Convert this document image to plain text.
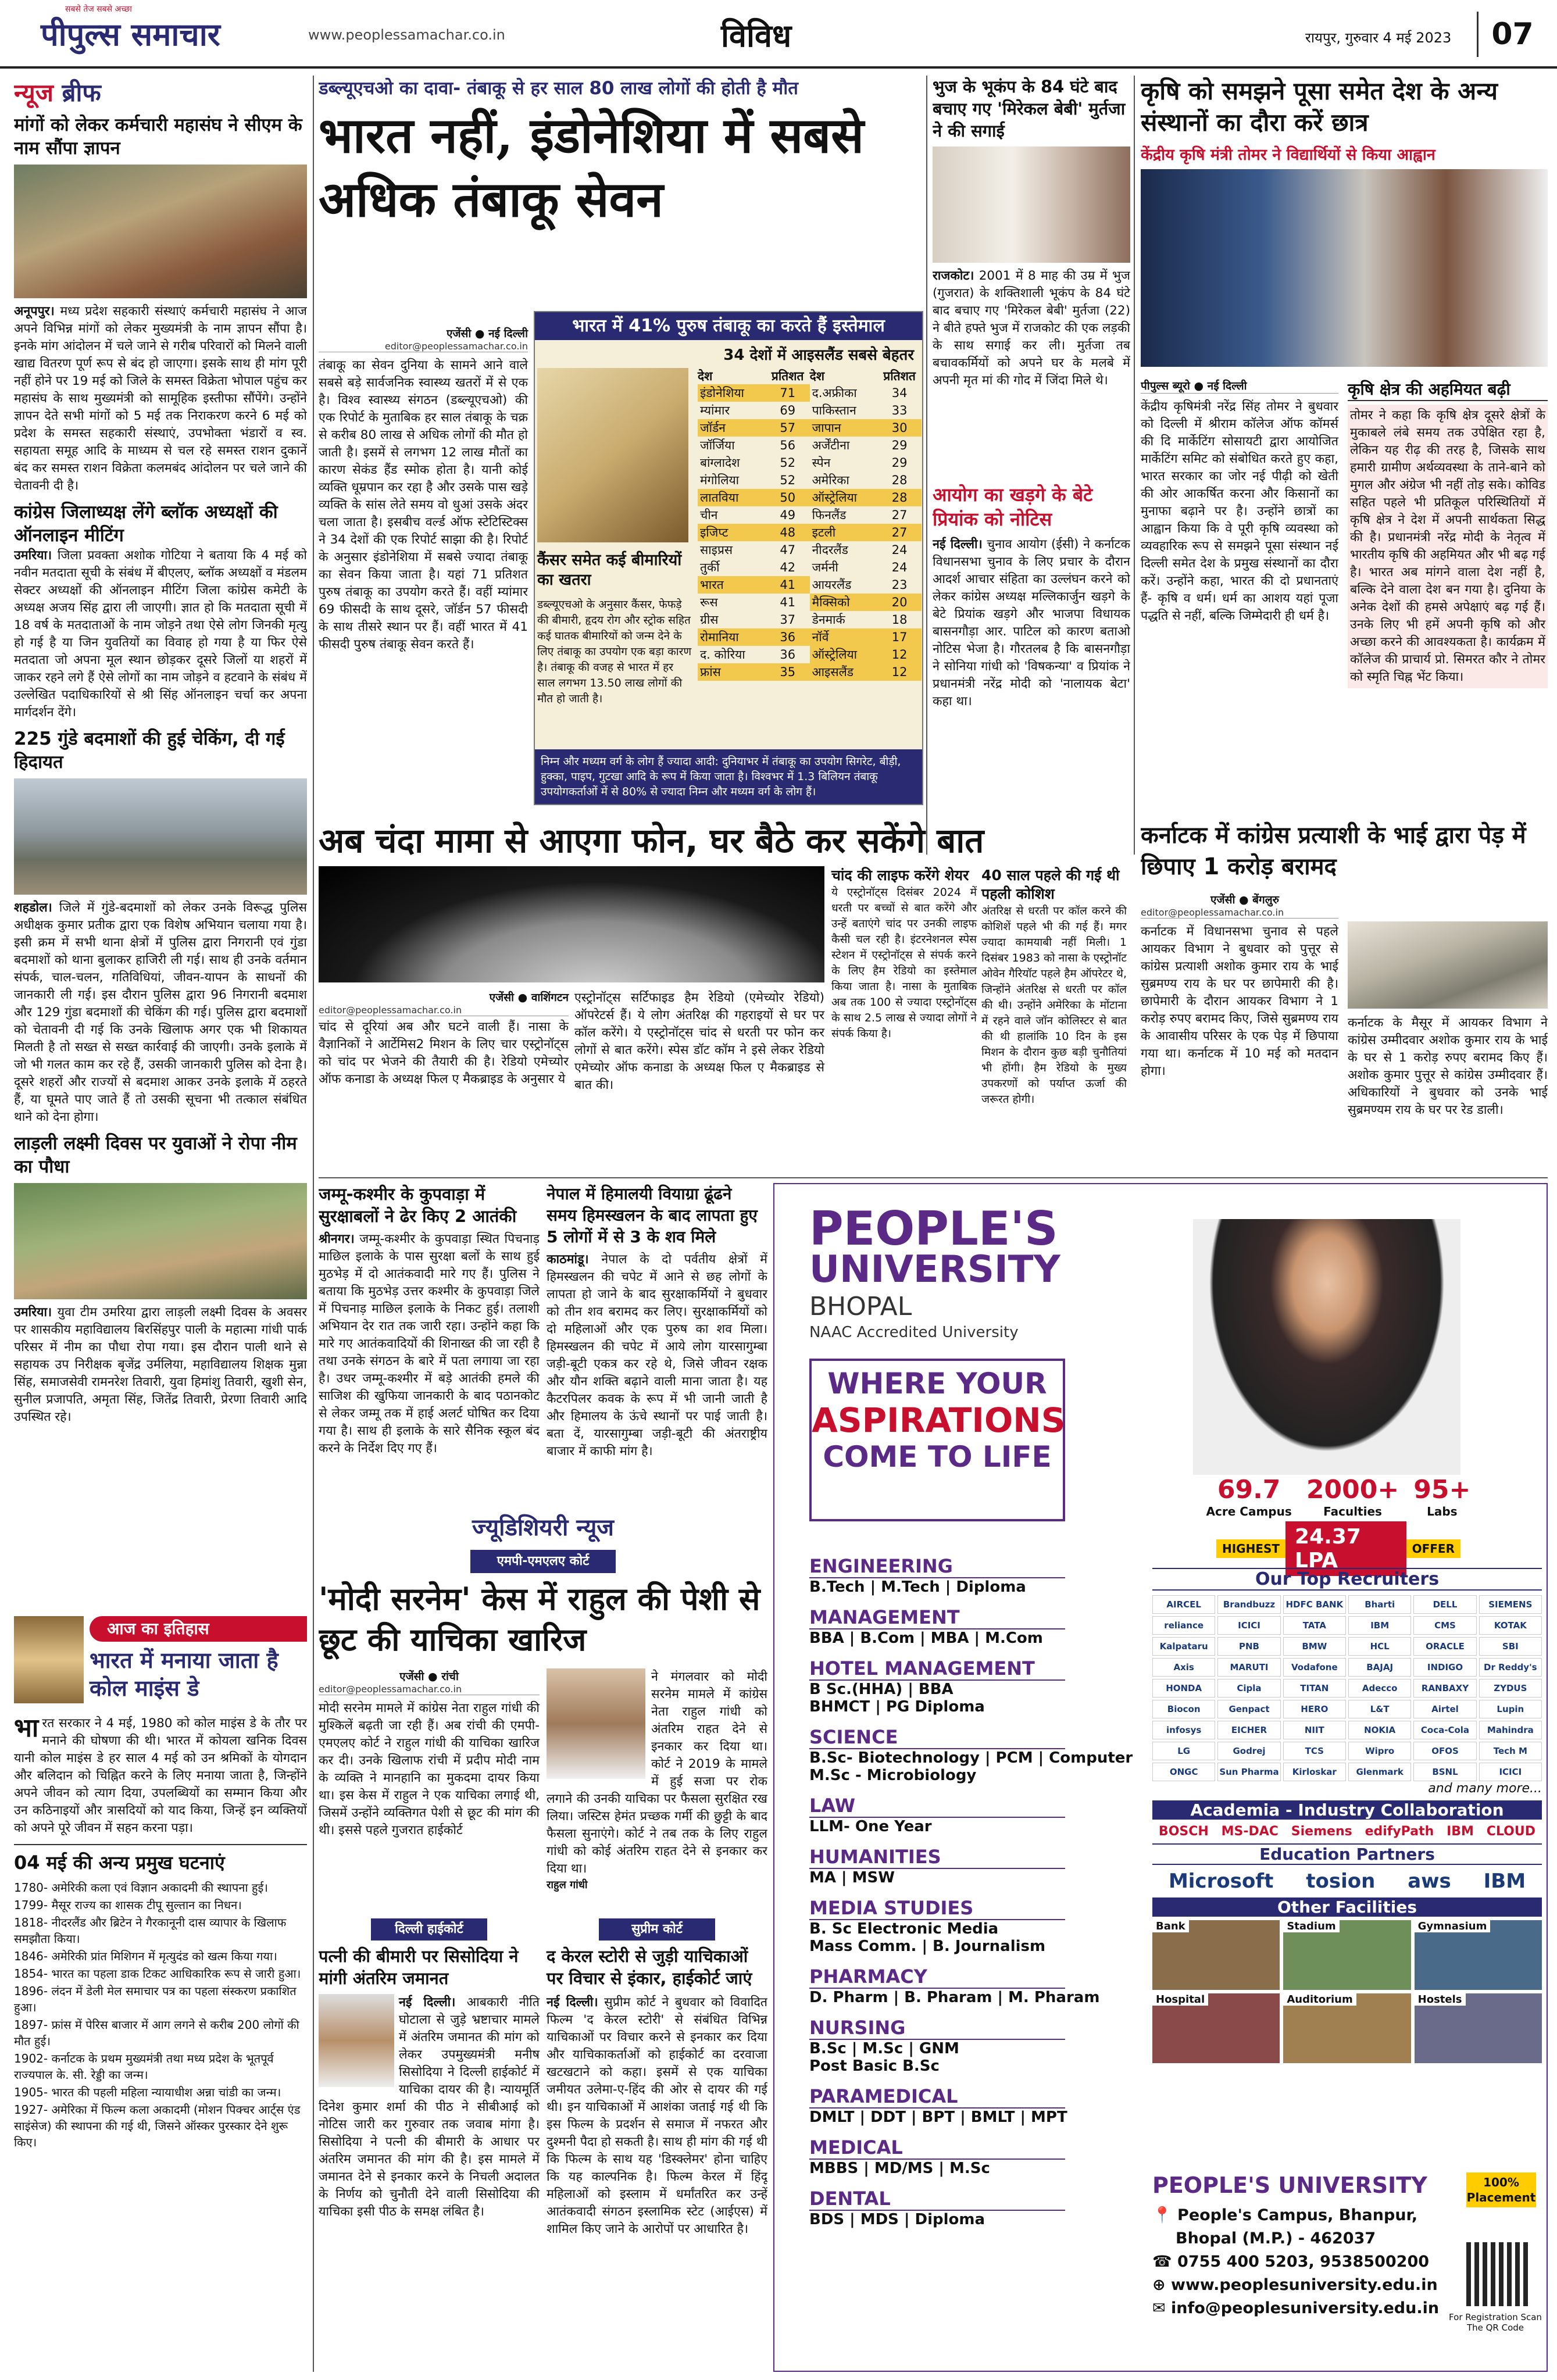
सबसे तेज सबसे अच्छा
पीपुल्स समाचार	www.peoplessamachar.co.in	विविध	रायपुर, गुरुवार 4 मई 2023	07
न्यूज ब्रीफ
मांगों को लेकर कर्मचारी महासंघ ने सीएम के नाम सौंपा ज्ञापन
अनूपपुर। मध्य प्रदेश सहकारी संस्थाएं कर्मचारी महासंघ ने आज अपने विभिन्न मांगों को लेकर मुख्यमंत्री के नाम ज्ञापन सौंपा है। इनके मांग आंदोलन में चले जाने से गरीब परिवारों को मिलने वाली खाद्य वितरण पूर्ण रूप से बंद हो जाएगा। इसके साथ ही मांग पूरी नहीं होने पर 19 मई को जिले के समस्त विक्रेता भोपाल पहुंच कर महासंघ के साथ मुख्यमंत्री को सामूहिक इस्तीफा सौंपेंगे। उन्होंने ज्ञापन देते सभी मांगों को 5 मई तक निराकरण करने 6 मई को प्रदेश के समस्त सहकारी संस्थाएं, उपभोक्ता भंडारों व स्व. सहायता समूह आदि के माध्यम से चल रहे समस्त राशन दुकानें बंद कर समस्त राशन विक्रेता कलमबंद आंदोलन पर चले जाने की चेतावनी दी है।
कांग्रेस जिलाध्यक्ष लेंगे ब्लॉक अध्यक्षों की ऑनलाइन मीटिंग
उमरिया। जिला प्रवक्ता अशोक गोटिया ने बताया कि 4 मई को नवीन मतदाता सूची के संबंध में बीएलए, ब्लॉक अध्यक्षों व मंडलम सेक्टर अध्यक्षों की ऑनलाइन मीटिंग जिला कांग्रेस कमेटी के अध्यक्ष अजय सिंह द्वारा ली जाएगी। ज्ञात हो कि मतदाता सूची में 18 वर्ष के मतदाताओं के नाम जोड़ने तथा ऐसे लोग जिनकी मृत्यु हो गई है या जिन युवतियों का विवाह हो गया है या फिर ऐसे मतदाता जो अपना मूल स्थान छोड़कर दूसरे जिलों या शहरों में जाकर रहने लगे हैं ऐसे लोगों का नाम जोड़ने व हटवाने के संबंध में उल्लेखित पदाधिकारियों से श्री सिंह ऑनलाइन चर्चा कर अपना मार्गदर्शन देंगे।
225 गुंडे बदमाशों की हुई चेकिंग, दी गई हिदायत
शहडोल। जिले में गुंडे-बदमाशों को लेकर उनके विरूद्ध पुलिस अधीक्षक कुमार प्रतीक द्वारा एक विशेष अभियान चलाया गया है। इसी क्रम में सभी थाना क्षेत्रों में पुलिस द्वारा निगरानी एवं गुंडा बदमाशों को थाना बुलाकर हाजिरी ली गई। साथ ही उनके वर्तमान संपर्क, चाल-चलन, गतिविधियां, जीवन-यापन के साधनों की जानकारी ली गई। इस दौरान पुलिस द्वारा 96 निगरानी बदमाश और 129 गुंडा बदमाशों की चेकिंग की गई। पुलिस द्वारा बदमाशों को चेतावनी दी गई कि उनके खिलाफ अगर एक भी शिकायत मिलती है तो सख्त से सख्त कार्रवाई की जाएगी। उनके इलाके में जो भी गलत काम कर रहे हैं, उसकी जानकारी पुलिस को देना है। दूसरे शहरों और राज्यों से बदमाश आकर उनके इलाके में ठहरते हैं, या घूमते पाए जाते हैं तो उसकी सूचना भी तत्काल संबंधित थाने को देना होगा।
लाड़ली लक्ष्मी दिवस पर युवाओं ने रोपा नीम का पौधा
उमरिया। युवा टीम उमरिया द्वारा लाड़ली लक्ष्मी दिवस के अवसर पर शासकीय महाविद्यालय बिरसिंहपुर पाली के महात्मा गांधी पार्क परिसर में नीम का पौधा रोपा गया। इस दौरान पाली थाने से सहायक उप निरीक्षक बृजेंद्र उर्मलिया, महाविद्यालय शिक्षक मुन्ना सिंह, समाजसेवी रामनरेश तिवारी, युवा हिमांशु तिवारी, खुशी सेन, सुनील प्रजापति, अमृता सिंह, जितेंद्र तिवारी, प्रेरणा तिवारी आदि उपस्थित रहे।
आज का इतिहास
भारत में मनाया जाता है कोल माइंस डे
भारत सरकार ने 4 मई, 1980 को कोल माइंस डे के तौर पर मनाने की घोषणा की थी। भारत में कोयला खनिक दिवस यानी कोल माइंस डे हर साल 4 मई को उन श्रमिकों के योगदान और बलिदान को चिह्नित करने के लिए मनाया जाता है, जिन्होंने अपने जीवन को त्याग दिया, उपलब्धियों का सम्मान किया और उन कठिनाइयों और त्रासदियों को याद किया, जिन्हें इन व्यक्तियों को अपने पूरे जीवन में सहन करना पड़ा।
04 मई की अन्य प्रमुख घटनाएं
1780- अमेरिकी कला एवं विज्ञान अकादमी की स्थापना हुई।
1799- मैसूर राज्य का शासक टीपू सुल्तान का निधन।
1818- नीदरलैंड और ब्रिटेन ने गैरकानूनी दास व्यापार के खिलाफ समझौता किया।
1846- अमेरिकी प्रांत मिशिगन में मृत्युदंड को खत्म किया गया।
1854- भारत का पहला डाक टिकट आधिकारिक रूप से जारी हुआ।
1896- लंदन में डेली मेल समाचार पत्र का पहला संस्करण प्रकाशित हुआ।
1897- फ्रांस में पेरिस बाजार में आग लगने से करीब 200 लोगों की मौत हुई।
1902- कर्नाटक के प्रथम मुख्यमंत्री तथा मध्य प्रदेश के भूतपूर्व राज्यपाल के. सी. रेड्डी का जन्म।
1905- भारत की पहली महिला न्यायाधीश अन्ना चांडी का जन्म।
1927- अमेरिका में फिल्म कला अकादमी (मोशन पिक्चर आर्ट्स एंड साइंसेज) की स्थापना की गई थी, जिसने ऑस्कर पुरस्कार देने शुरू किए।
डब्ल्यूएचओ का दावा- तंबाकू से हर साल 80 लाख लोगों की होती है मौत
भारत नहीं, इंडोनेशिया में सबसे अधिक तंबाकू सेवन
एजेंसी ● नई दिल्ली
editor@peoplessamachar.co.in
तंबाकू का सेवन दुनिया के सामने आने वाले सबसे बड़े सार्वजनिक स्वास्थ्य खतरों में से एक है। विश्व स्वास्थ्य संगठन (डब्ल्यूएचओ) की एक रिपोर्ट के मुताबिक हर साल तंबाकू के चक्र से करीब 80 लाख से अधिक लोगों की मौत हो जाती है। इसमें से लगभग 12 लाख मौतों का कारण सेकंड हैंड स्मोक होता है। यानी कोई व्यक्ति धूम्रपान कर रहा है और उसके पास खड़े व्यक्ति के सांस लेते समय वो धुआं उसके अंदर चला जाता है। इसबीच वर्ल्ड ऑफ स्टेटिस्टिक्स ने 34 देशों की एक रिपोर्ट साझा की है। रिपोर्ट के अनुसार इंडोनेशिया में सबसे ज्यादा तंबाकू का सेवन किया जाता है। यहां 71 प्रतिशत पुरुष तंबाकू का उपयोग करते हैं। वहीं म्यांमार 69 फीसदी के साथ दूसरे, जॉर्डन 57 फीसदी के साथ तीसरे स्थान पर हैं। वहीं भारत में 41 फीसदी पुरुष तंबाकू सेवन करते हैं।
भारत में 41% पुरुष तंबाकू का करते हैं इस्तेमाल
34 देशों में आइसलैंड सबसे बेहतर
कैंसर समेत कई बीमारियों का खतरा
डब्ल्यूएचओ के अनुसार कैंसर, फेफड़े की बीमारी, हृदय रोग और स्ट्रोक सहित कई घातक बीमारियों को जन्म देने के लिए तंबाकू का उपयोग एक बड़ा कारण है। तंबाकू की वजह से भारत में हर साल लगभग 13.50 लाख लोगों की मौत हो जाती है।
देश	प्रतिशत	देश	प्रतिशत
इंडोनेशिया	71	द.अफ्रीका	34
म्यांमार	69	पाकिस्तान	33
जॉर्डन	57	जापान	30
जॉर्जिया	56	अर्जेंटीना	29
बांग्लादेश	52	स्पेन	29
मंगोलिया	52	अमेरिका	28
लातविया	50	ऑस्ट्रेलिया	28
चीन	49	फिनलैंड	27
इजिप्ट	48	इटली	27
साइप्रस	47	नीदरलैंड	24
तुर्की	42	जर्मनी	24
भारत	41	आयरलैंड	23
रूस	41	मैक्सिको	20
ग्रीस	37	डेनमार्क	18
रोमानिया	36	नॉर्वे	17
द. कोरिया	36	ऑस्ट्रेलिया	12
फ्रांस	35	आइसलैंड	12
निम्न और मध्यम वर्ग के लोग हैं ज्यादा आदी: दुनियाभर में तंबाकू का उपयोग सिगरेट, बीड़ी, हुक्का, पाइप, गुटखा आदि के रूप में किया जाता है। विश्वभर में 1.3 बिलियन तंबाकू उपयोगकर्ताओं में से 80% से ज्यादा निम्न और मध्यम वर्ग के लोग हैं।
भुज के भूकंप के 84 घंटे बाद बचाए गए 'मिरेकल बेबी' मुर्तजा ने की सगाई
राजकोट। 2001 में 8 माह की उम्र में भुज (गुजरात) के शक्तिशाली भूकंप के 84 घंटे बाद बचाए गए 'मिरेकल बेबी' मुर्तजा (22) ने बीते हफ्ते भुज में राजकोट की एक लड़की के साथ सगाई कर ली। मुर्तजा तब बचावकर्मियों को अपने घर के मलबे में अपनी मृत मां की गोद में जिंदा मिले थे।
आयोग का खड़गे के बेटे प्रियांक को नोटिस
नई दिल्ली। चुनाव आयोग (ईसी) ने कर्नाटक विधानसभा चुनाव के लिए प्रचार के दौरान आदर्श आचार संहिता का उल्लंघन करने को लेकर कांग्रेस अध्यक्ष मल्लिकार्जुन खड़गे के बेटे प्रियांक खड़गे और भाजपा विधायक बासनगौड़ा आर. पाटिल को कारण बताओ नोटिस भेजा है। गौरतलब है कि बासनगौड़ा ने सोनिया गांधी को 'विषकन्या' व प्रियांक ने प्रधानमंत्री नरेंद्र मोदी को 'नालायक बेटा' कहा था।
कृषि को समझने पूसा समेत देश के अन्य संस्थानों का दौरा करें छात्र
केंद्रीय कृषि मंत्री तोमर ने विद्यार्थियों से किया आह्वान
पीपुल्स ब्यूरो ● नई दिल्ली
केंद्रीय कृषिमंत्री नरेंद्र सिंह तोमर ने बुधवार को दिल्ली में श्रीराम कॉलेज ऑफ कॉमर्स की दि मार्केटिंग सोसायटी द्वारा आयोजित मार्केटिंग समिट को संबोधित करते हुए कहा, भारत सरकार का जोर नई पीढ़ी को खेती की ओर आकर्षित करना और किसानों का मुनाफा बढ़ाने पर है। उन्होंने छात्रों का आह्वान किया कि वे पूरी कृषि व्यवस्था को व्यवहारिक रूप से समझने पूसा संस्थान नई दिल्ली समेत देश के प्रमुख संस्थानों का दौरा करें। उन्होंने कहा, भारत की दो प्रधानताएं हैं- कृषि व धर्म। धर्म का आशय यहां पूजा पद्धति से नहीं, बल्कि जिम्मेदारी ही धर्म है।
कृषि क्षेत्र की अहमियत बढ़ी
तोमर ने कहा कि कृषि क्षेत्र दूसरे क्षेत्रों के मुकाबले लंबे समय तक उपेक्षित रहा है, लेकिन यह रीढ़ की तरह है, जिसके साथ हमारी ग्रामीण अर्थव्यवस्था के ताने-बाने को मुगल और अंग्रेज भी नहीं तोड़ सके। कोविड सहित पहले भी प्रतिकूल परिस्थितियों में कृषि क्षेत्र ने देश में अपनी सार्थकता सिद्ध की है। प्रधानमंत्री नरेंद्र मोदी के नेतृत्व में भारतीय कृषि की अहमियत और भी बढ़ गई है। भारत अब मांगने वाला देश नहीं है, बल्कि देने वाला देश बन गया है। दुनिया के अनेक देशों की हमसे अपेक्षाएं बढ़ गई हैं। उनके लिए भी हमें अपनी कृषि को और अच्छा करने की आवश्यकता है। कार्यक्रम में कॉलेज की प्राचार्य प्रो. सिमरत कौर ने तोमर को स्मृति चिह्न भेंट किया।
अब चंदा मामा से आएगा फोन, घर बैठे कर सकेंगे बात
एजेंसी ● वाशिंगटन
editor@peoplessamachar.co.in
चांद से दूरियां अब और घटने वाली हैं। नासा के वैज्ञानिकों ने आर्टेमिस2 मिशन के लिए चार एस्ट्रोनॉट्स को चांद पर भेजने की तैयारी की है। रेडियो एमेच्योर ऑफ कनाडा के अध्यक्ष फिल ए मैकब्राइड के अनुसार ये
एस्ट्रोनॉट्स सर्टिफाइड हैम रेडियो (एमेच्योर रेडियो) ऑपरेटर्स हैं। ये लोग अंतरिक्ष की गहराइयों से घर पर कॉल करेंगे। ये एस्ट्रोनॉट्स चांद से धरती पर फोन कर लोगों से बात करेंगे। स्पेस डॉट कॉम ने इसे लेकर रेडियो एमेच्योर ऑफ कनाडा के अध्यक्ष फिल ए मैकब्राइड से बात की।
चांद की लाइफ करेंगे शेयर
ये एस्ट्रोनॉट्स दिसंबर 2024 में धरती पर बच्चों से बात करेंगे और उन्हें बताएंगे चांद पर उनकी लाइफ कैसी चल रही है। इंटरनेशनल स्पेस स्टेशन में एस्ट्रोनॉट्स से संपर्क करने के लिए हैम रेडियो का इस्तेमाल किया जाता है। नासा के मुताबिक अब तक 100 से ज्यादा एस्ट्रोनॉट्स के साथ 2.5 लाख से ज्यादा लोगों ने संपर्क किया है।
40 साल पहले की गई थी पहली कोशिश
अंतरिक्ष से धरती पर कॉल करने की कोशिशें पहले भी की गई हैं। मगर ज्यादा कामयाबी नहीं मिली। 1 दिसंबर 1983 को नासा के एस्ट्रोनॉट ओवेन गैरियॉट पहले हैम ऑपरेटर थे, जिन्होंने अंतरिक्ष से धरती पर कॉल की थी। उन्होंने अमेरिका के मोंटाना में रहने वाले जॉन कोलिस्टर से बात की थी हालांकि 10 दिन के इस मिशन के दौरान कुछ बड़ी चुनौतियां भी होंगी। हैम रेडियो के मुख्य उपकरणों को पर्याप्त ऊर्जा की जरूरत होगी।
कर्नाटक में कांग्रेस प्रत्याशी के भाई द्वारा पेड़ में छिपाए 1 करोड़ बरामद
एजेंसी ● बेंगलुरु
editor@peoplessamachar.co.in
कर्नाटक में विधानसभा चुनाव से पहले आयकर विभाग ने बुधवार को पुत्तूर से कांग्रेस प्रत्याशी अशोक कुमार राय के भाई सुब्रमण्य राय के घर पर छापेमारी की है। छापेमारी के दौरान आयकर विभाग ने 1 करोड़ रुपए बरामद किए, जिसे सुब्रमण्य राय के आवासीय परिसर के एक पेड़ में छिपाया गया था। कर्नाटक में 10 मई को मतदान होगा।
कर्नाटक के मैसूर में आयकर विभाग ने कांग्रेस उम्मीदवार अशोक कुमार राय के भाई के घर से 1 करोड़ रुपए बरामद किए हैं। अशोक कुमार पुत्तूर से कांग्रेस उम्मीदवार हैं। अधिकारियों ने बुधवार को उनके भाई सुब्रमण्यम राय के घर पर रेड डाली।
जम्मू-कश्मीर के कुपवाड़ा में सुरक्षाबलों ने ढेर किए 2 आतंकी
श्रीनगर। जम्मू-कश्मीर के कुपवाड़ा स्थित पिचनाड़ माछिल इलाके के पास सुरक्षा बलों के साथ हुई मुठभेड़ में दो आतंकवादी मारे गए हैं। पुलिस ने बताया कि मुठभेड़ उत्तर कश्मीर के कुपवाड़ा जिले में पिचनाड़ माछिल इलाके के निकट हुई। तलाशी अभियान देर रात तक जारी रहा। उन्होंने कहा कि मारे गए आतंकवादियों की शिनाख्त की जा रही है तथा उनके संगठन के बारे में पता लगाया जा रहा है। उधर जम्मू-कश्मीर में बड़े आतंकी हमले की साजिश की खुफिया जानकारी के बाद पठानकोट से लेकर जम्मू तक में हाई अलर्ट घोषित कर दिया गया है। साथ ही इलाके के सारे सैनिक स्कूल बंद करने के निर्देश दिए गए हैं।
नेपाल में हिमालयी वियाग्रा ढूंढने समय हिमस्खलन के बाद लापता हुए 5 लोगों में से 3 के शव मिले
काठमांडू। नेपाल के दो पर्वतीय क्षेत्रों में हिमस्खलन की चपेट में आने से छह लोगों के लापता हो जाने के बाद सुरक्षाकर्मियों ने बुधवार को तीन शव बरामद कर लिए। सुरक्षाकर्मियों को दो महिलाओं और एक पुरुष का शव मिला। हिमस्खलन की चपेट में आये लोग यारसागुम्बा जड़ी-बूटी एकत्र कर रहे थे, जिसे जीवन रक्षक और यौन शक्ति बढ़ाने वाली माना जाता है। यह कैटरपिलर कवक के रूप में भी जानी जाती है और हिमालय के ऊंचे स्थानों पर पाई जाती है। बता दें, यारसागुम्बा जड़ी-बूटी की अंतराष्ट्रीय बाजार में काफी मांग है।
ज्यूडिशियरी न्यूज
एमपी-एमएलए कोर्ट
'मोदी सरनेम' केस में राहुल की पेशी से छूट की याचिका खारिज
एजेंसी ● रांची
editor@peoplessamachar.co.in
मोदी सरनेम मामले में कांग्रेस नेता राहुल गांधी की मुश्किलें बढ़ती जा रही हैं। अब रांची की एमपी-एमएलए कोर्ट ने राहुल गांधी की याचिका खारिज कर दी। उनके खिलाफ रांची में प्रदीप मोदी नाम के व्यक्ति ने मानहानि का मुकदमा दायर किया था। इस केस में राहुल ने एक याचिका लगाई थी, जिसमें उन्होंने व्यक्तिगत पेशी से छूट की मांग की थी। इससे पहले गुजरात हाईकोर्ट
ने मंगलवार को मोदी सरनेम मामले में कांग्रेस नेता राहुल गांधी को अंतरिम राहत देने से इनकार कर दिया था। कोर्ट ने 2019 के मामले में हुई सजा पर रोक लगाने की उनकी याचिका पर फैसला सुरक्षित रख लिया। जस्टिस हेमंत प्रच्छक गर्मी की छुट्टी के बाद फैसला सुनाएंगे। कोर्ट ने तब तक के लिए राहुल गांधी को कोई अंतरिम राहत देने से इनकार कर दिया था।
राहुल गांधी
दिल्ली हाईकोर्ट
पत्नी की बीमारी पर सिसोदिया ने मांगी अंतरिम जमानत
नई दिल्ली। आबकारी नीति घोटाला से जुड़े भ्रष्टाचार मामले में अंतरिम जमानत की मांग को लेकर उपमुख्यमंत्री मनीष सिसोदिया ने दिल्ली हाईकोर्ट में याचिका दायर की है। न्यायमूर्ति दिनेश कुमार शर्मा की पीठ ने सीबीआई को नोटिस जारी कर गुरुवार तक जवाब मांगा है। सिसोदिया ने पत्नी की बीमारी के आधार पर अंतरिम जमानत की मांग की है। इस मामले में जमानत देने से इनकार करने के निचली अदालत के निर्णय को चुनौती देने वाली सिसोदिया की याचिका इसी पीठ के समक्ष लंबित है।
सुप्रीम कोर्ट
द केरल स्टोरी से जुड़ी याचिकाओं पर विचार से इंकार, हाईकोर्ट जाएं
नई दिल्ली। सुप्रीम कोर्ट ने बुधवार को विवादित फिल्म 'द केरल स्टोरी' से संबंधित विभिन्न याचिकाओं पर विचार करने से इनकार कर दिया और याचिकाकर्ताओं को हाईकोर्ट का दरवाजा खटखटाने को कहा। इसमें से एक याचिका जमीयत उलेमा-ए-हिंद की ओर से दायर की गई थी। इन याचिकाओं में आशंका जताई गई थी कि इस फिल्म के प्रदर्शन से समाज में नफरत और दुश्मनी पैदा हो सकती है। साथ ही मांग की गई थी कि फिल्म के साथ यह 'डिस्क्लेमर' होना चाहिए कि यह काल्पनिक है। फिल्म केरल में हिंदू महिलाओं को इस्लाम में धर्मांतरित कर उन्हें आतंकवादी संगठन इस्लामिक स्टेट (आईएस) में शामिल किए जाने के आरोपों पर आधारित है।
PEOPLE'S
UNIVERSITY
BHOPAL
NAAC Accredited University
WHERE YOUR
ASPIRATIONS
COME TO LIFE
69.7
Acre Campus
2000+
Faculties
95+
Labs
HIGHEST 24.37 LPA	OFFER
ENGINEERING
B.Tech | M.Tech | Diploma
MANAGEMENT
BBA | B.Com | MBA | M.Com
HOTEL MANAGEMENT
B Sc.(HHA) | BBA
BHMCT | PG Diploma
SCIENCE
B.Sc- Biotechnology | PCM | Computer
M.Sc - Microbiology
LAW
LLM- One Year
HUMANITIES
MA | MSW
MEDIA STUDIES
B. Sc Electronic Media
Mass Comm. | B. Journalism
PHARMACY
D. Pharm | B. Pharam | M. Pharam
NURSING
B.Sc | M.Sc | GNM
Post Basic B.Sc
PARAMEDICAL
DMLT | DDT | BPT | BMLT | MPT
MEDICAL
MBBS | MD/MS | M.Sc
DENTAL
BDS | MDS | Diploma
Our Top Recruiters
AIRCEL	Brandbuzz	HDFC BANK	Bharti	DELL	SIEMENS
reliance	ICICI	TATA	IBM	CMS	KOTAK
Kalpataru	PNB	BMW	HCL	ORACLE	SBI
Axis	MARUTI	Vodafone	BAJAJ	INDIGO	Dr Reddy's
HONDA	Cipla	TITAN	Adecco	RANBAXY	ZYDUS
Biocon	Genpact	HERO	L&T	Airtel	Lupin
infosys	EICHER	NIIT	NOKIA	Coca-Cola	Mahindra
LG	Godrej	TCS	Wipro	OFOS	Tech M
ONGC	Sun Pharma	Kirloskar	Glenmark	BSNL	ICICI
and many more...
Academia - Industry Collaboration
BOSCH MS-DAC Siemens edifyPath IBM CLOUD
Education Partners
Microsoft tosion aws IBM
Other Facilities
Bank	Stadium	Gymnasium
Hospital	Auditorium	Hostels
PEOPLE'S UNIVERSITY	100%
Placement
📍 People's Campus, Bhanpur,
Bhopal (M.P.) - 462037
☎ 0755 400 5203, 9538500200
⊕ www.peoplesuniversity.edu.in
✉ info@peoplesuniversity.edu.in	For Registration Scan The QR Code
